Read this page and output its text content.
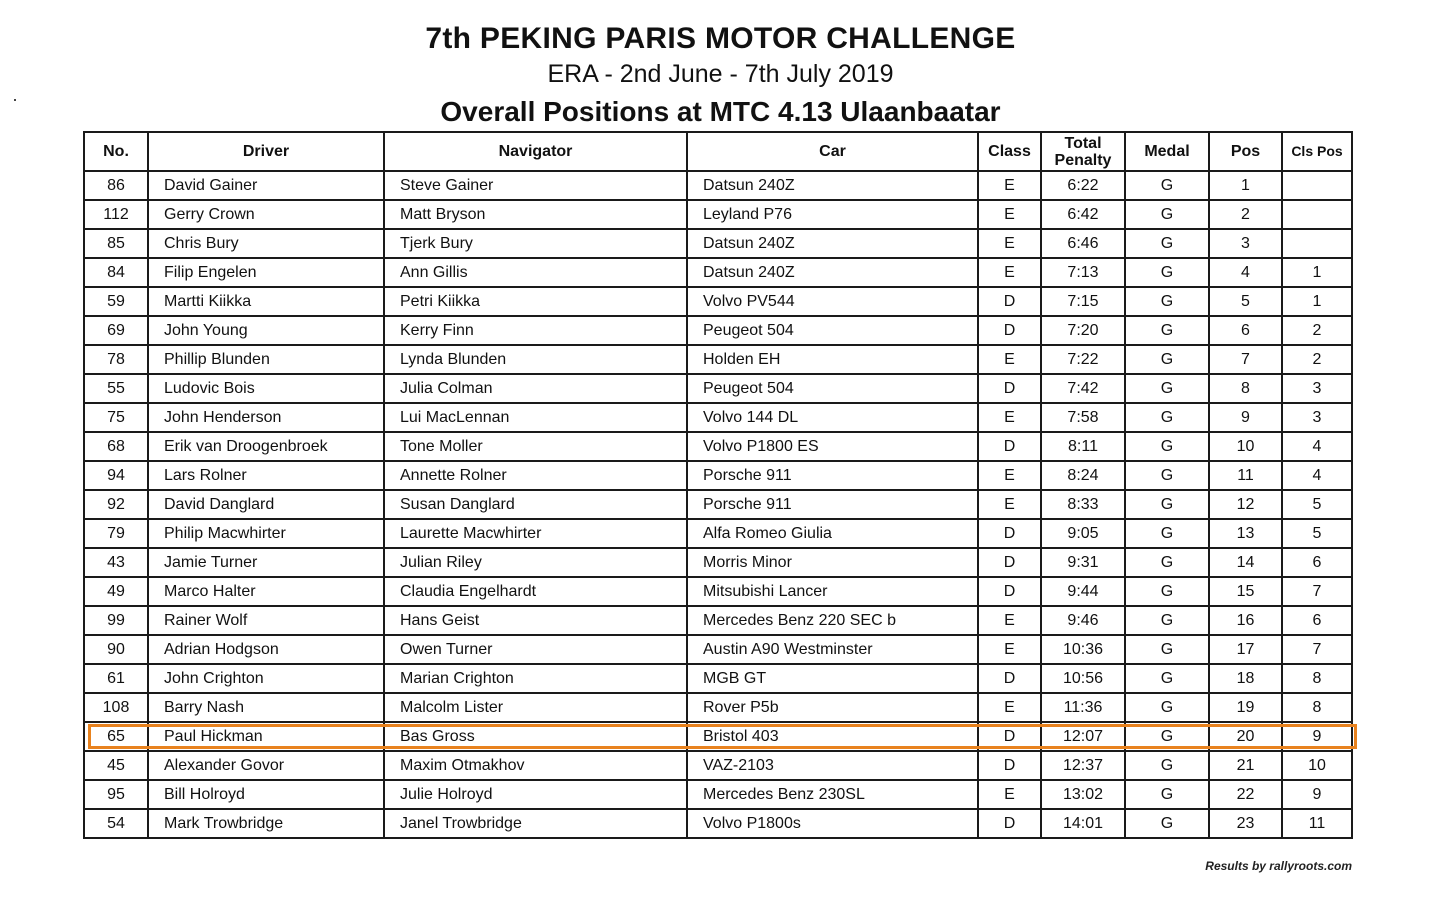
7th PEKING PARIS MOTOR CHALLENGE
ERA - 2nd June - 7th July 2019
Overall Positions at MTC 4.13 Ulaanbaatar
No.	Driver	Navigator	Car	Class	Total Penalty	Medal	Pos	Cls Pos
86	David Gainer	Steve Gainer	Datsun 240Z	E	6:22	G	1	
112	Gerry Crown	Matt Bryson	Leyland P76	E	6:42	G	2	
85	Chris Bury	Tjerk Bury	Datsun 240Z	E	6:46	G	3	
84	Filip Engelen	Ann Gillis	Datsun 240Z	E	7:13	G	4	1
59	Martti Kiikka	Petri Kiikka	Volvo PV544	D	7:15	G	5	1
69	John Young	Kerry Finn	Peugeot 504	D	7:20	G	6	2
78	Phillip Blunden	Lynda Blunden	Holden EH	E	7:22	G	7	2
55	Ludovic Bois	Julia Colman	Peugeot 504	D	7:42	G	8	3
75	John Henderson	Lui MacLennan	Volvo 144 DL	E	7:58	G	9	3
68	Erik van Droogenbroek	Tone Moller	Volvo P1800 ES	D	8:11	G	10	4
94	Lars Rolner	Annette Rolner	Porsche 911	E	8:24	G	11	4
92	David Danglard	Susan Danglard	Porsche 911	E	8:33	G	12	5
79	Philip Macwhirter	Laurette Macwhirter	Alfa Romeo Giulia	D	9:05	G	13	5
43	Jamie Turner	Julian Riley	Morris Minor	D	9:31	G	14	6
49	Marco Halter	Claudia Engelhardt	Mitsubishi Lancer	D	9:44	G	15	7
99	Rainer Wolf	Hans Geist	Mercedes Benz 220 SEC b	E	9:46	G	16	6
90	Adrian Hodgson	Owen Turner	Austin A90 Westminster	E	10:36	G	17	7
61	John Crighton	Marian Crighton	MGB GT	D	10:56	G	18	8
108	Barry Nash	Malcolm Lister	Rover P5b	E	11:36	G	19	8
65	Paul Hickman	Bas Gross	Bristol 403	D	12:07	G	20	9
45	Alexander Govor	Maxim Otmakhov	VAZ-2103	D	12:37	G	21	10
95	Bill Holroyd	Julie Holroyd	Mercedes Benz 230SL	E	13:02	G	22	9
54	Mark Trowbridge	Janel Trowbridge	Volvo P1800s	D	14:01	G	23	11
Results by rallyroots.com
